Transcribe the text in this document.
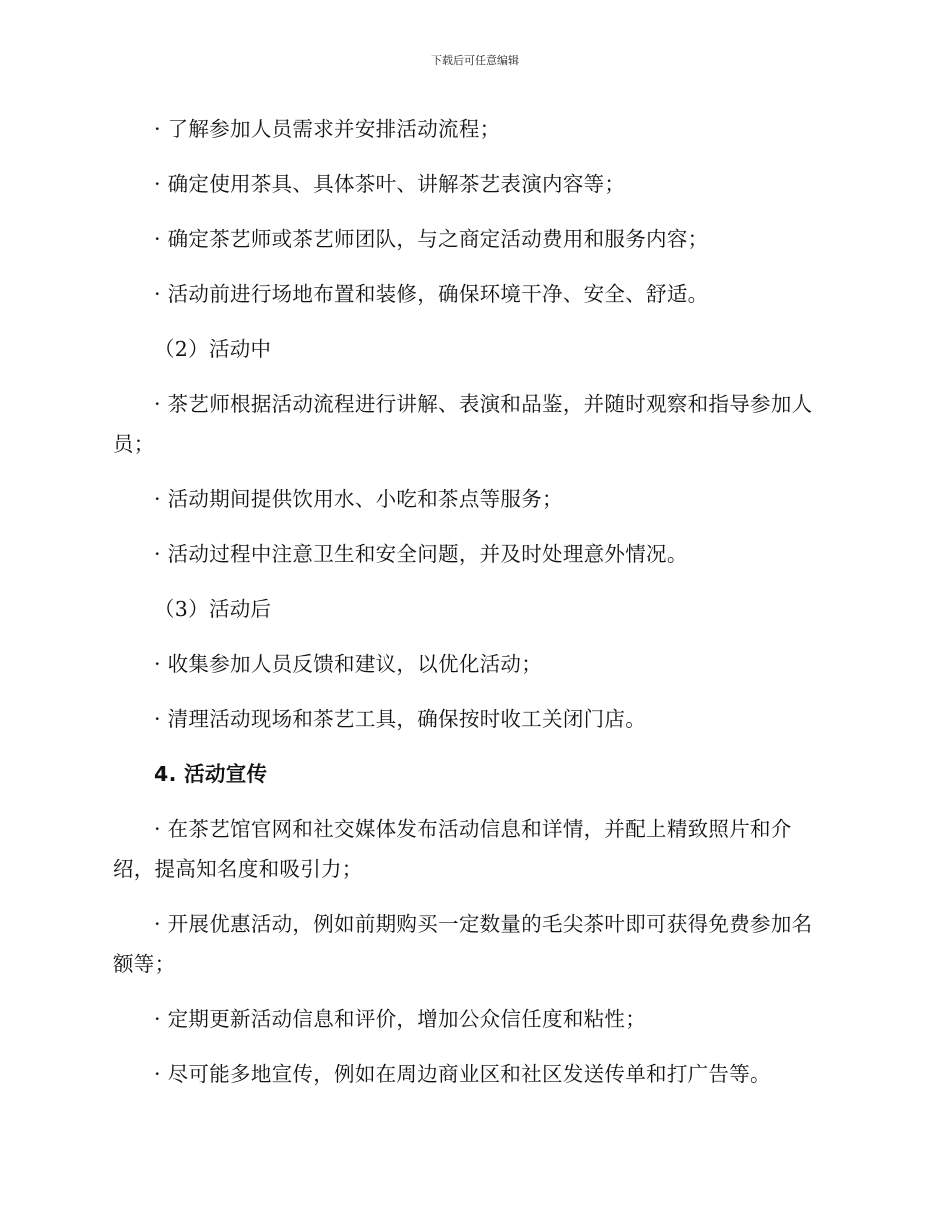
下载后可任意编辑

· 了解参加人员需求并安排活动流程；

· 确定使用茶具、具体茶叶、讲解茶艺表演内容等；

· 确定茶艺师或茶艺师团队，与之商定活动费用和服务内容；

· 活动前进行场地布置和装修，确保环境干净、安全、舒适。

（2）活动中

· 茶艺师根据活动流程进行讲解、表演和品鉴，并随时观察和指导参加人员；

· 活动期间提供饮用水、小吃和茶点等服务；

· 活动过程中注意卫生和安全问题，并及时处理意外情况。

（3）活动后

· 收集参加人员反馈和建议，以优化活动；

· 清理活动现场和茶艺工具，确保按时收工关闭门店。

4. 活动宣传

· 在茶艺馆官网和社交媒体发布活动信息和详情，并配上精致照片和介绍，提高知名度和吸引力；

· 开展优惠活动，例如前期购买一定数量的毛尖茶叶即可获得免费参加名额等；

· 定期更新活动信息和评价，增加公众信任度和粘性；

· 尽可能多地宣传，例如在周边商业区和社区发送传单和打广告等。
